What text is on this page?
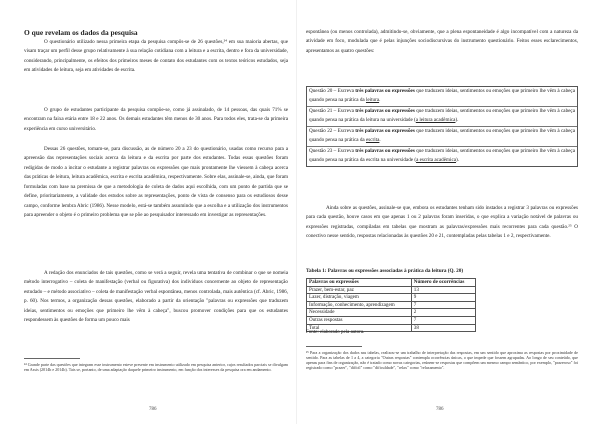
O que revelam os dados da pesquisa

O questionário utilizado nessa primeira etapa da pesquisa compôs-se de 26 questões,²⁴ em sua maioria abertas, que visam traçar um perfil desse grupo relativamente à sua relação cotidiana com a leitura e a escrita, dentro e fora da universidade, considerando, principalmente, os efeitos dos primeiros meses de contato dos estudantes com os textos teóricos estudados, seja em atividades de leitura, seja em atividades de escrita.

O grupo de estudantes participante da pesquisa compõe-se, como já assinalado, de 14 pessoas, das quais 71% se encontram na faixa etária entre 18 e 22 anos. Os demais estudantes têm menos de 30 anos. Para todos eles, trata-se da primeira experiência em curso universitário.

Dessas 26 questões, tomam-se, para discussão, as de número 20 a 23 do questionário, usadas como recurso para a apreensão das representações sociais acerca da leitura e da escrita por parte dos estudantes. Todas essas questões foram redigidas de modo a incitar o estudante a registrar palavras ou expressões que mais prontamente lhe viessem à cabeça acerca das práticas de leitura, leitura acadêmica, escrita e escrita acadêmica, respectivamente. Sobre elas, assinale-se, ainda, que foram formuladas com base na premissa de que a metodologia de coleta de dados aqui escolhida, com um ponto de partida que se define, prioritariamente, a validade dos estudos sobre as representações, ponto de vista de consenso para os estudiosos desse campo, conforme lembra Abric (1986). Nesse modelo, está-se também assumindo que a escolha e a utilização dos instrumentos para apreender o objeto é o primeiro problema que se põe ao pesquisador interessado em investigar as representações.

A redação dos enunciados de tais questões, como se verá a seguir, revela uma tentativa de combinar o que se nomeia método interrogativo – coleta de manifestação (verbal ou figurativa) dos indivíduos concernente ao objeto de representação estudado – e método associativo – coleta de manifestação verbal espontânea, menos controlada, mais autêntica (cf. Abric, 1986, p. 60). Nos termos, a organização dessas questões, elaborado a partir da orientação "palavras ou expressões que traduzem ideias, sentimentos ou emoções que primeiro lhe vêm à cabeça", buscou promover condições para que os estudantes respondessem às questões de forma um pouco mais

²⁴ Grande parte das questões que integram esse instrumento esteve presente em instrumento utilizado em pesquisa anterior, cujos resultados parciais se divulgam em Assis (2014b e 2014b). Tais se, portanto, de uma adaptação daquele primeiro instrumento, em função dos interesses da pesquisa ora em andamento.

786

espontânea (ou menos controlada), admitindo-se, obviamente, que a plena espontaneidade é algo incompatível com a natureza da atividade em foco, modulada que é pelas injunções sociodiscursivas do instrumento questionário. Feitos esses esclarecimentos, apresentamos as quatro questões:

Questão 20 – Escreva três palavras ou expressões que traduzem ideias, sentimentos ou emoções que primeiro lhe vêm à cabeça quando pensa na prática da leitura.

Questão 21 – Escreva três palavras ou expressões que traduzem ideias, sentimentos ou emoções que primeiro lhe vêm à cabeça quando pensa na prática da leitura na universidade (a leitura acadêmica).

Questão 22 – Escreva três palavras ou expressões que traduzem ideias, sentimentos ou emoções que primeiro lhe vêm à cabeça quando pensa na prática da escrita.

Questão 23 – Escreva três palavras ou expressões que traduzem ideias, sentimentos ou emoções que primeiro lhe vêm à cabeça quando pensa na prática da escrita na universidade (a escrita acadêmica).

Ainda sobre as questões, assinale-se que, embora os estudantes tenham sido instados a registrar 3 palavras ou expressões para cada questão, houve casos em que apenas 1 ou 2 palavras foram inseridas, o que explica a variação notável de palavras ou expressões registradas, compiladas em tabelas que mostram as palavras/expressões mais recorrentes para cada questão.²⁵ O conectivo nesse sentido, respostas relacionadas às questões 20 e 21, contempladas pelas tabelas 1 e 2, respectivamente.

Tabela 1: Palavras ou expressões associadas à prática da leitura (Q. 20)
Palavras ou expressões	Número de ocorrências
Prazer, bem-estar, paz	13
Lazer, distração, viagem	9
Informação, conhecimento, aprendizagem	7
Necessidade	2
Outras respostas	7
Total	38
Fonte: elaborado pela autora.

²⁵ Para a organização dos dados nas tabelas, realizou-se um trabalho de interpretação das respostas, em um sentido que aproxima as respostas por proximidade de sentido. Para as tabelas de 1 a 4, a categoria "Outras respostas" contempla ocorrências únicas, o que impede que fossem agrupadas. Ao longo de seu conteúdo, que apenas para fins de organização, não é tratado como novas categorias, reúnem-se respostas que compõem um mesmo campo semântico, por exemplo, "prazeroso" foi registrado como "prazer", "difícil" como "dificuldade", "relax" como "relaxamento".

786
